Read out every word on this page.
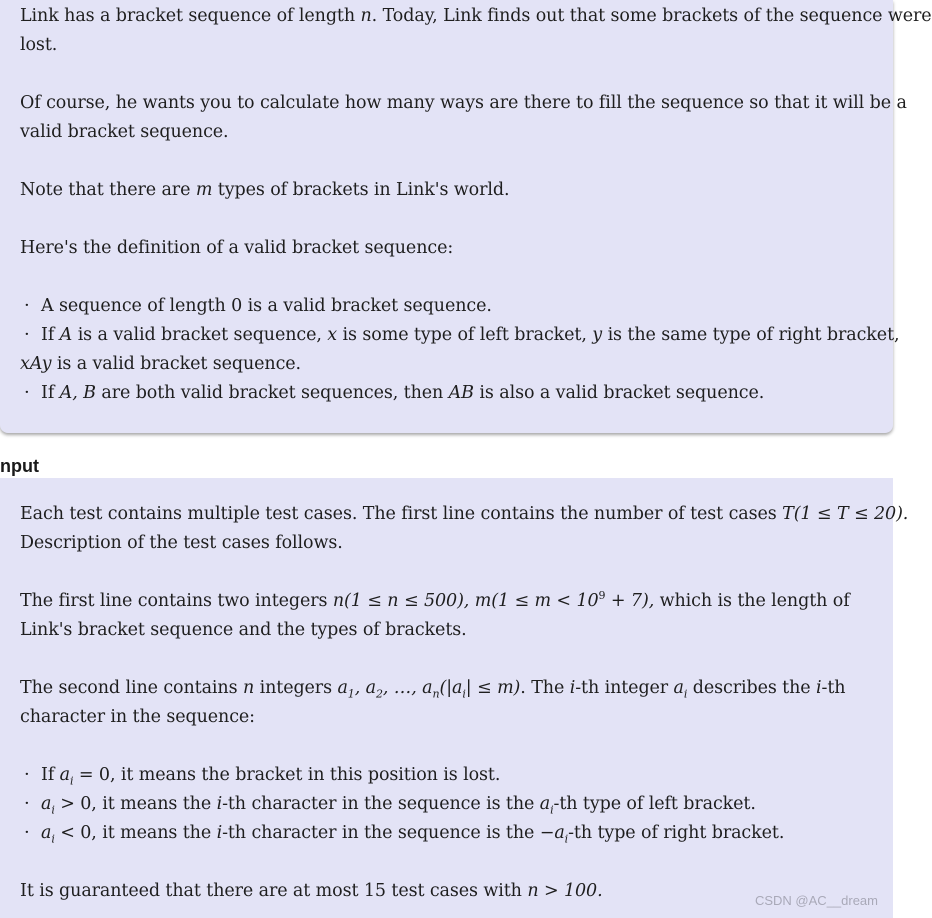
Link has a bracket sequence of length n. Today, Link finds out that some brackets of the sequence were
lost.
Of course, he wants you to calculate how many ways are there to fill the sequence so that it will be a
valid bracket sequence.
Note that there are m types of brackets in Link's world.
Here's the definition of a valid bracket sequence:
· A sequence of length 0 is a valid bracket sequence.
· If A is a valid bracket sequence, x is some type of left bracket, y is the same type of right bracket,
xAy is a valid bracket sequence.
· If A, B are both valid bracket sequences, then AB is also a valid bracket sequence.
nput
Each test contains multiple test cases. The first line contains the number of test cases T(1 ≤ T ≤ 20).
Description of the test cases follows.
The first line contains two integers n(1 ≤ n ≤ 500), $m(1 \le m < 10^9 + 7)$, which is the length of
Link's bracket sequence and the types of brackets.
The second line contains n integers $a_1$, $a_2$, …, $a_n(|a_i| \le m)$. The i-th integer $a_i$ describes the i-th
character in the sequence:
· If $a_i = 0$, it means the bracket in this position is lost.
· $a_i > 0$, it means the i-th character in the sequence is the $a_i-th$ type of left bracket.
· $a_i < 0$, it means the i-th character in the sequence is the $-a_i-th$ type of right bracket.
It is guaranteed that there are at most 15 test cases with n > 100.	CSDN @AC__dream
